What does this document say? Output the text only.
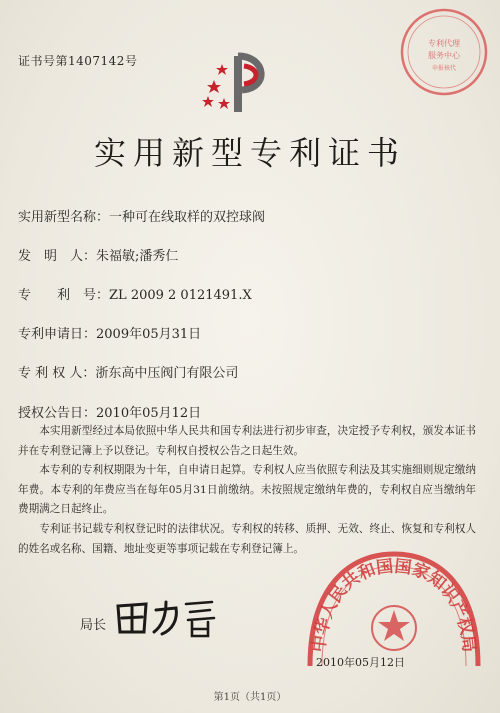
专利代理
服务中心
申报核代
证书号第1407142号
实用新型专利证书
实用新型名称：一种可在线取样的双控球阀
发　明　人：朱福敏;潘秀仁
专　　利　号：ZL 2009 2 0121491.X
专利申请日：2009年05月31日
专 利 权 人：浙东高中压阀门有限公司
授权公告日：2010年05月12日

本实用新型经过本局依照中华人民共和国专利法进行初步审查，决定授予专利权，颁发本证书并在专利登记簿上予以登记。专利权自授权公告之日起生效。

本专利的专利权期限为十年，自申请日起算。专利权人应当依照专利法及其实施细则规定缴纳年费。本专利的年费应当在每年05月31日前缴纳。未按照规定缴纳年费的，专利权自应当缴纳年费期满之日起终止。

专利证书记载专利权登记时的法律状况。专利权的转移、质押、无效、终止、恢复和专利权人的姓名或名称、国籍、地址变更等事项记载在专利登记簿上。

局长
中华人民共和国国家知识产权局
2010年05月12日
第1页（共1页）
